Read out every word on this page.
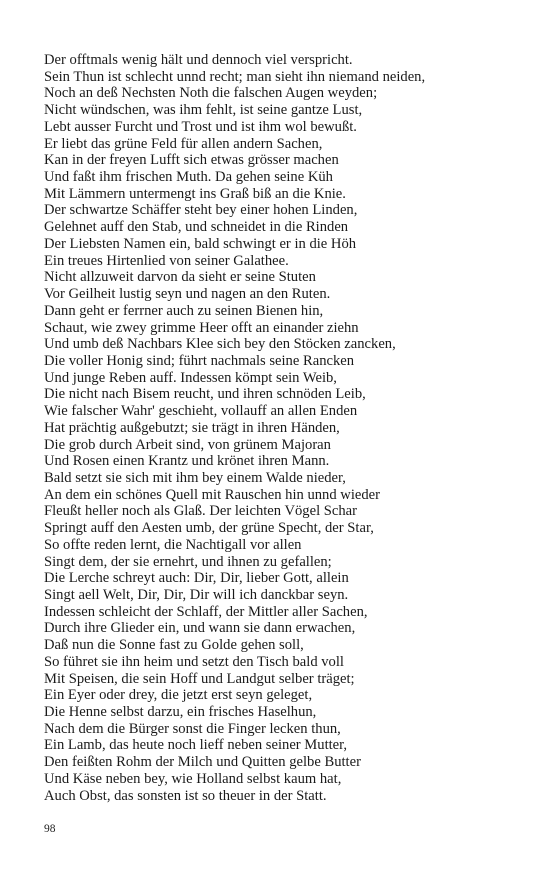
Der offtmals wenig hält und dennoch viel verspricht.
Sein Thun ist schlecht unnd recht; man sieht ihn niemand neiden,
Noch an deß Nechsten Noth die falschen Augen weyden;
Nicht wündschen, was ihm fehlt, ist seine gantze Lust,
Lebt ausser Furcht und Trost und ist ihm wol bewußt.
Er liebt das grüne Feld für allen andern Sachen,
Kan in der freyen Lufft sich etwas grösser machen
Und faßt ihm frischen Muth. Da gehen seine Küh
Mit Lämmern untermengt ins Graß biß an die Knie.
Der schwartze Schäffer steht bey einer hohen Linden,
Gelehnet auff den Stab, und schneidet in die Rinden
Der Liebsten Namen ein, bald schwingt er in die Höh
Ein treues Hirtenlied von seiner Galathee.
Nicht allzuweit darvon da sieht er seine Stuten
Vor Geilheit lustig seyn und nagen an den Ruten.
Dann geht er ferrner auch zu seinen Bienen hin,
Schaut, wie zwey grimme Heer offt an einander ziehn
Und umb deß Nachbars Klee sich bey den Stöcken zancken,
Die voller Honig sind; führt nachmals seine Rancken
Und junge Reben auff. Indessen kömpt sein Weib,
Die nicht nach Bisem reucht, und ihren schnöden Leib,
Wie falscher Wahr' geschieht, vollauff an allen Enden
Hat prächtig außgebutzt; sie trägt in ihren Händen,
Die grob durch Arbeit sind, von grünem Majoran
Und Rosen einen Krantz und krönet ihren Mann.
Bald setzt sie sich mit ihm bey einem Walde nieder,
An dem ein schönes Quell mit Rauschen hin unnd wieder
Fleußt heller noch als Glaß. Der leichten Vögel Schar
Springt auff den Aesten umb, der grüne Specht, der Star,
So offte reden lernt, die Nachtigall vor allen
Singt dem, der sie ernehrt, und ihnen zu gefallen;
Die Lerche schreyt auch: Dir, Dir, lieber Gott, allein
Singt aell Welt, Dir, Dir, Dir will ich danckbar seyn.
Indessen schleicht der Schlaff, der Mittler aller Sachen,
Durch ihre Glieder ein, und wann sie dann erwachen,
Daß nun die Sonne fast zu Golde gehen soll,
So führet sie ihn heim und setzt den Tisch bald voll
Mit Speisen, die sein Hoff und Landgut selber träget;
Ein Eyer oder drey, die jetzt erst seyn geleget,
Die Henne selbst darzu, ein frisches Haselhun,
Nach dem die Bürger sonst die Finger lecken thun,
Ein Lamb, das heute noch lieff neben seiner Mutter,
Den feißten Rohm der Milch und Quitten gelbe Butter
Und Käse neben bey, wie Holland selbst kaum hat,
Auch Obst, das sonsten ist so theuer in der Statt.
98
